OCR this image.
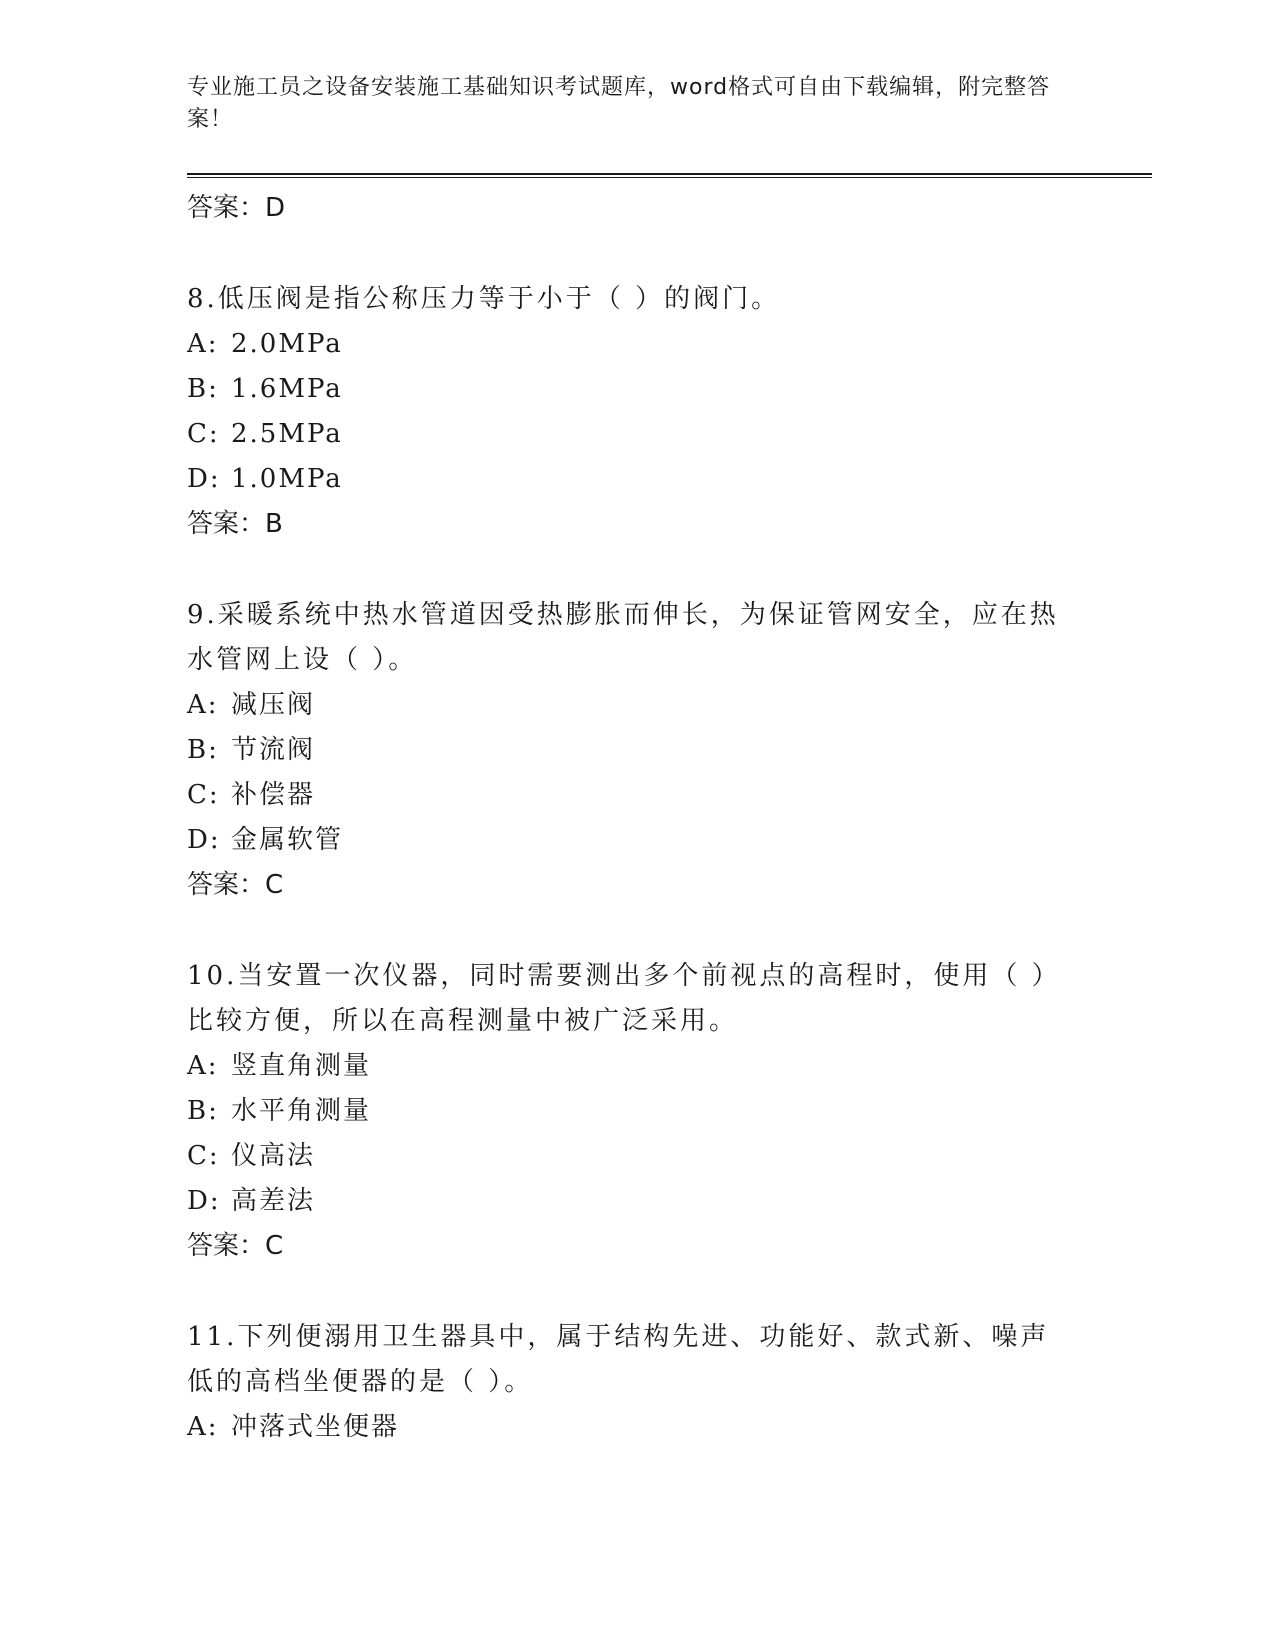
专业施工员之设备安装施工基础知识考试题库，word格式可自由下载编辑，附完整答案！
答案：D
8.低压阀是指公称压力等于小于（ ）的阀门。
A: 2.0MPa
B: 1.6MPa
C: 2.5MPa
D: 1.0MPa
答案：B
9.采暖系统中热水管道因受热膨胀而伸长，为保证管网安全，应在热水管网上设（ ）。
A: 减压阀
B: 节流阀
C: 补偿器
D: 金属软管
答案：C
10.当安置一次仪器，同时需要测出多个前视点的高程时，使用（ ）比较方便，所以在高程测量中被广泛采用。
A: 竖直角测量
B: 水平角测量
C: 仪高法
D: 高差法
答案：C
11.下列便溺用卫生器具中，属于结构先进、功能好、款式新、噪声低的高档坐便器的是（ ）。
A: 冲落式坐便器
